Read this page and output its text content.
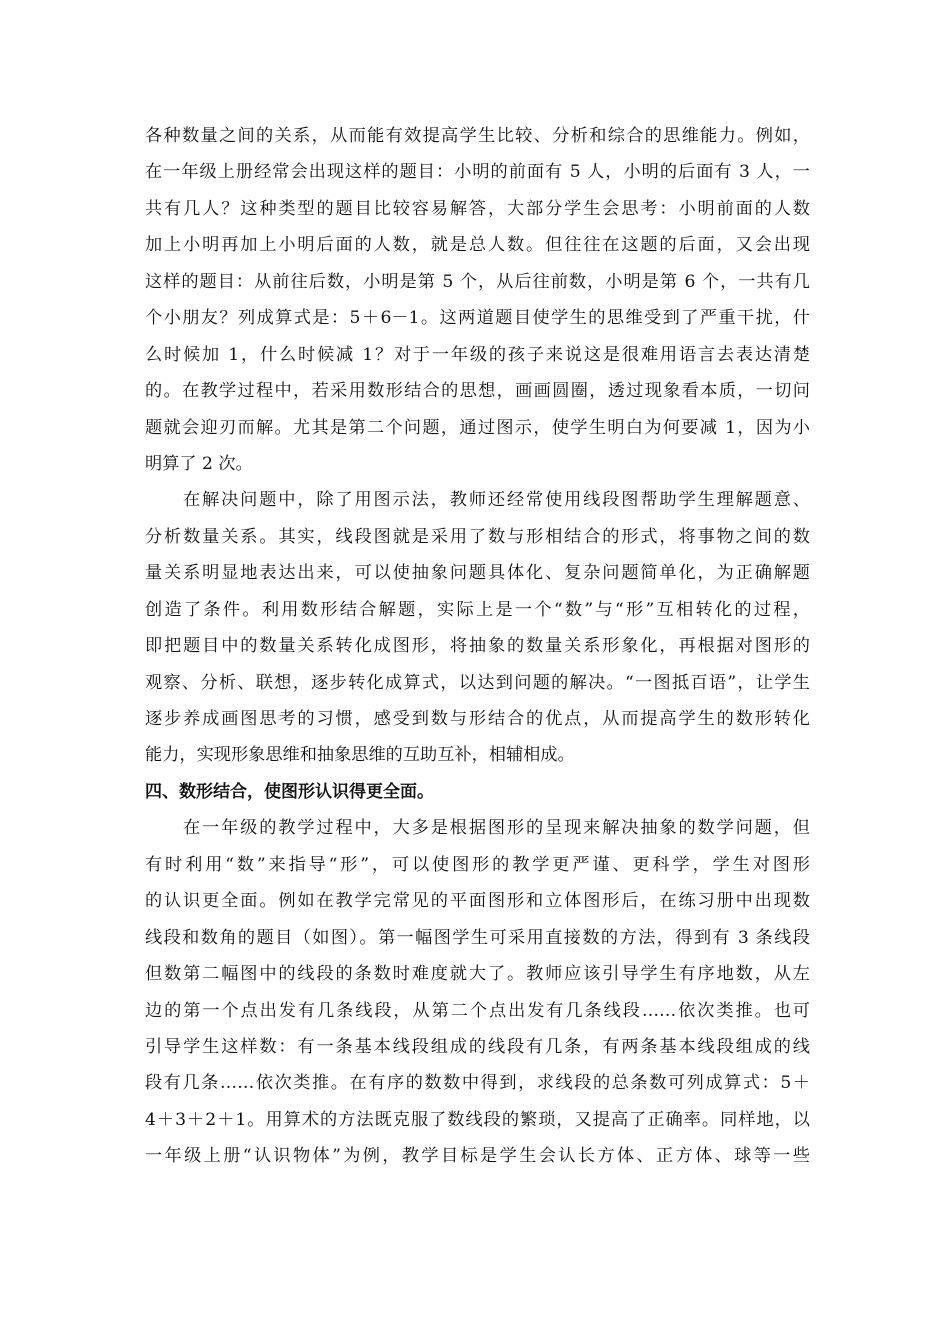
各种数量之间的关系，从而能有效提高学生比较、分析和综合的思维能力。例如，
在一年级上册经常会出现这样的题目：小明的前面有 5 人，小明的后面有 3 人，一
共有几人？这种类型的题目比较容易解答，大部分学生会思考：小明前面的人数
加上小明再加上小明后面的人数，就是总人数。但往往在这题的后面，又会出现
这样的题目：从前往后数，小明是第 5 个，从后往前数，小明是第 6 个，一共有几
个小朋友？列成算式是：5＋6－1。这两道题目使学生的思维受到了严重干扰，什
么时候加 1，什么时候减 1？对于一年级的孩子来说这是很难用语言去表达清楚
的。在教学过程中，若采用数形结合的思想，画画圆圈，透过现象看本质，一切问
题就会迎刃而解。尤其是第二个问题，通过图示，使学生明白为何要减 1，因为小
明算了 2 次。
在解决问题中，除了用图示法，教师还经常使用线段图帮助学生理解题意、
分析数量关系。其实，线段图就是采用了数与形相结合的形式，将事物之间的数
量关系明显地表达出来，可以使抽象问题具体化、复杂问题简单化，为正确解题
创造了条件。利用数形结合解题，实际上是一个“数”与“形”互相转化的过程，
即把题目中的数量关系转化成图形，将抽象的数量关系形象化，再根据对图形的
观察、分析、联想，逐步转化成算式，以达到问题的解决。“一图抵百语”，让学生
逐步养成画图思考的习惯，感受到数与形结合的优点，从而提高学生的数形转化
能力，实现形象思维和抽象思维的互助互补，相辅相成。
四、数形结合，使图形认识得更全面。
在一年级的教学过程中，大多是根据图形的呈现来解决抽象的数学问题，但
有时利用“数”来指导“形”，可以使图形的教学更严谨、更科学，学生对图形
的认识更全面。例如在教学完常见的平面图形和立体图形后，在练习册中出现数
线段和数角的题目（如图）。第一幅图学生可采用直接数的方法，得到有 3 条线段
但数第二幅图中的线段的条数时难度就大了。教师应该引导学生有序地数，从左
边的第一个点出发有几条线段，从第二个点出发有几条线段……依次类推。也可
引导学生这样数：有一条基本线段组成的线段有几条，有两条基本线段组成的线
段有几条……依次类推。在有序的数数中得到，求线段的总条数可列成算式：5＋
4＋3＋2＋1。用算术的方法既克服了数线段的繁琐，又提高了正确率。同样地，以
一年级上册“认识物体”为例，教学目标是学生会认长方体、正方体、球等一些
